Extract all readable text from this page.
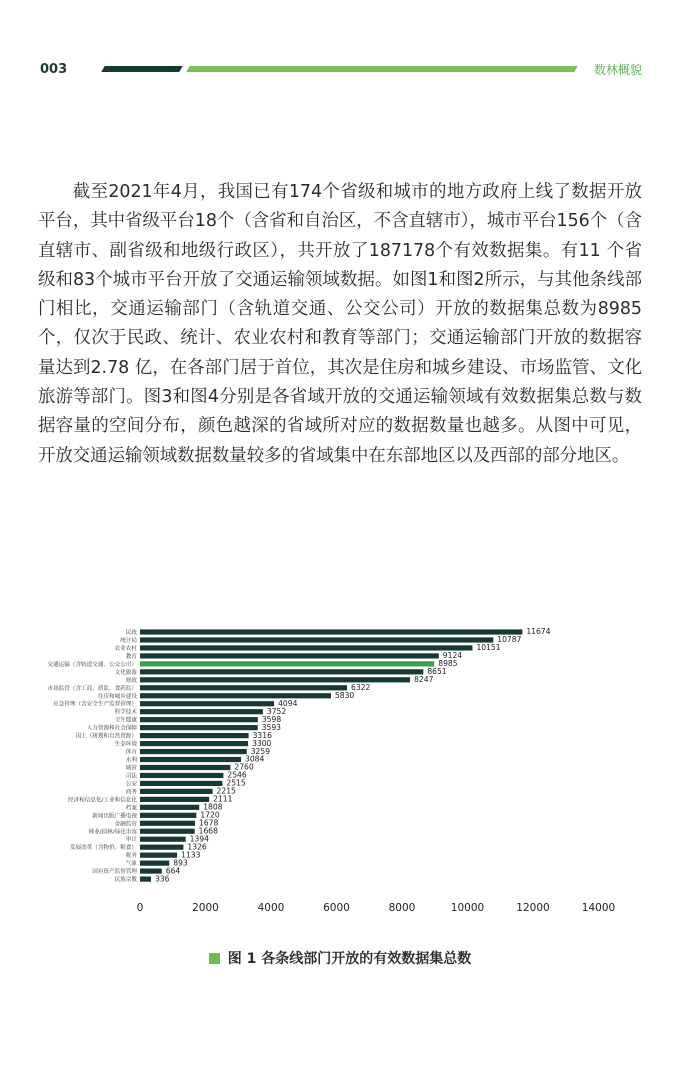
003	数林概貌

截至2021年4月，我国已有174个省级和城市的地方政府上线了数据开放平台，其中省级平台18个（含省和自治区，不含直辖市），城市平台156个（含直辖市、副省级和地级行政区），共开放了187178个有效数据集。有11 个省级和83个城市平台开放了交通运输领域数据。如图1和图2所示，与其他条线部门相比，交通运输部门（含轨道交通、公交公司）开放的数据集总数为8985个，仅次于民政、统计、农业农村和教育等部门；交通运输部门开放的数据容量达到2.78 亿，在各部门居于首位，其次是住房和城乡建设、市场监管、文化旅游等部门。图3和图4分别是各省域开放的交通运输领域有效数据集总数与数据容量的空间分布，颜色越深的省域所对应的数据数量也越多。从图中可见，开放交通运输领域数据数量较多的省域集中在东部地区以及西部的部分地区。

民政	11674
统计局	10787
农业农村	10151
教育	9124
交通运输（含轨道交通、公交公司）	8985
文化旅游	8651
财政	8247
市场监管（含工商、质监、食药监）	6322
住房和城乡建设	5830
应急管理（含安全生产监督管理）	4094
科学技术	3752
卫生健康	3598
人力资源和社会保障	3593
国土（规划和自然资源）	3316
生态环境	3300
体育	3259
水利	3084
城管	2760
司法	2546
公安	2515
商务	2215
经济和信息化/工业和信息化	2111
档案	1808
新闻出版广播电视	1720
金融监管	1678
林业/园林/绿化市容	1668
审计	1394
发展改革（含物价、粮食）	1326
税务	1133
气象	893
国有资产监督管理	664
民族宗教 336
0	2000	4000	6000	8000	10000	12000	14000
图 1 各条线部门开放的有效数据集总数
